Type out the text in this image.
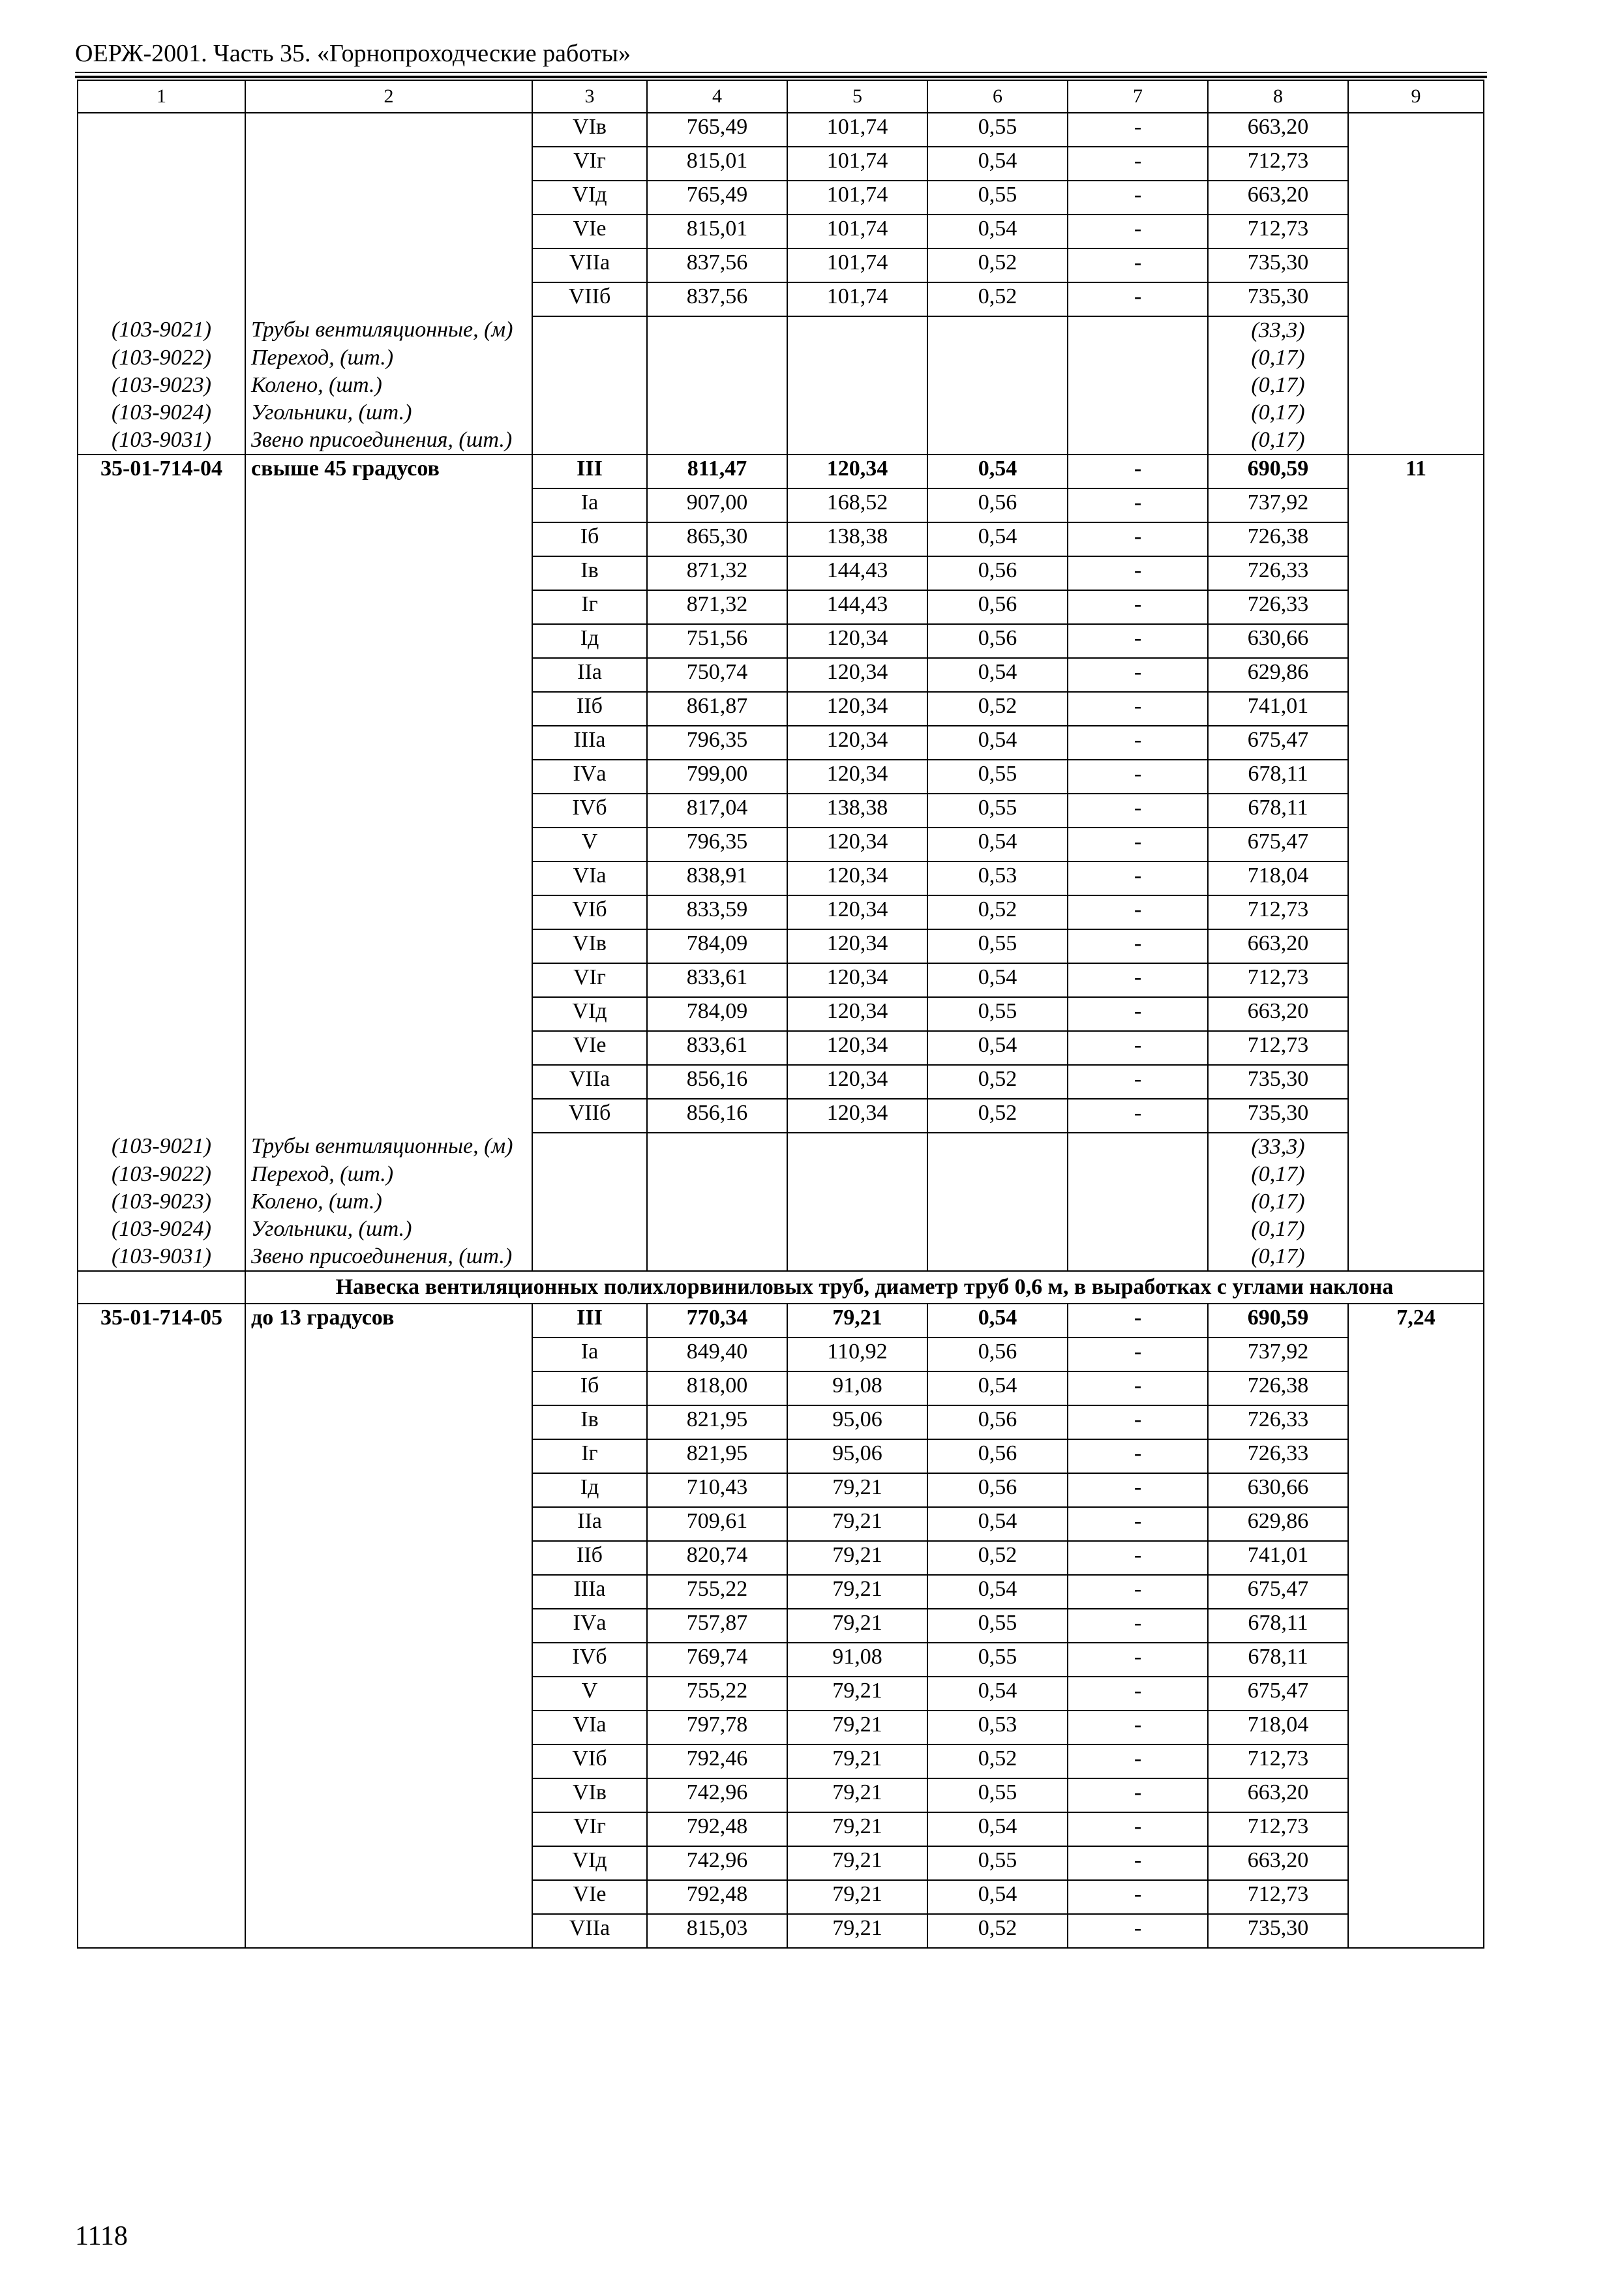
ОЕРЖ-2001. Часть 35. «Горнопроходческие работы»
1	2	3	4	5	6	7	8	9
		VIв	765,49	101,74	0,55	-	663,20	
		VIг	815,01	101,74	0,54	-	712,73	
		VIд	765,49	101,74	0,55	-	663,20	
		VIе	815,01	101,74	0,54	-	712,73	
		VIIа	837,56	101,74	0,52	-	735,30	
		VIIб	837,56	101,74	0,52	-	735,30	
(103-9021)	Трубы вентиляционные, (м)						(33,3)	
(103-9022)	Переход, (шт.)						(0,17)	
(103-9023)	Колено, (шт.)						(0,17)	
(103-9024)	Угольники, (шт.)						(0,17)	
(103-9031)	Звено присоединения, (шт.)						(0,17)	
35-01-714-04	свыше 45 градусов	III	811,47	120,34	0,54	-	690,59	11
		Iа	907,00	168,52	0,56	-	737,92	
		Iб	865,30	138,38	0,54	-	726,38	
		Iв	871,32	144,43	0,56	-	726,33	
		Iг	871,32	144,43	0,56	-	726,33	
		Iд	751,56	120,34	0,56	-	630,66	
		IIа	750,74	120,34	0,54	-	629,86	
		IIб	861,87	120,34	0,52	-	741,01	
		IIIа	796,35	120,34	0,54	-	675,47	
		IVа	799,00	120,34	0,55	-	678,11	
		IVб	817,04	138,38	0,55	-	678,11	
		V	796,35	120,34	0,54	-	675,47	
		VIа	838,91	120,34	0,53	-	718,04	
		VIб	833,59	120,34	0,52	-	712,73	
		VIв	784,09	120,34	0,55	-	663,20	
		VIг	833,61	120,34	0,54	-	712,73	
		VIд	784,09	120,34	0,55	-	663,20	
		VIе	833,61	120,34	0,54	-	712,73	
		VIIа	856,16	120,34	0,52	-	735,30	
		VIIб	856,16	120,34	0,52	-	735,30	
(103-9021)	Трубы вентиляционные, (м)						(33,3)	
(103-9022)	Переход, (шт.)						(0,17)	
(103-9023)	Колено, (шт.)						(0,17)	
(103-9024)	Угольники, (шт.)						(0,17)	
(103-9031)	Звено присоединения, (шт.)						(0,17)	
	Навеска вентиляционных полихлорвиниловых труб, диаметр труб 0,6 м, в выработках с углами наклона							
35-01-714-05	до 13 градусов	III	770,34	79,21	0,54	-	690,59	7,24
		Iа	849,40	110,92	0,56	-	737,92	
		Iб	818,00	91,08	0,54	-	726,38	
		Iв	821,95	95,06	0,56	-	726,33	
		Iг	821,95	95,06	0,56	-	726,33	
		Iд	710,43	79,21	0,56	-	630,66	
		IIа	709,61	79,21	0,54	-	629,86	
		IIб	820,74	79,21	0,52	-	741,01	
		IIIа	755,22	79,21	0,54	-	675,47	
		IVа	757,87	79,21	0,55	-	678,11	
		IVб	769,74	91,08	0,55	-	678,11	
		V	755,22	79,21	0,54	-	675,47	
		VIа	797,78	79,21	0,53	-	718,04	
		VIб	792,46	79,21	0,52	-	712,73	
		VIв	742,96	79,21	0,55	-	663,20	
		VIг	792,48	79,21	0,54	-	712,73	
		VIд	742,96	79,21	0,55	-	663,20	
		VIе	792,48	79,21	0,54	-	712,73	
		VIIа	815,03	79,21	0,52	-	735,30	
1118
